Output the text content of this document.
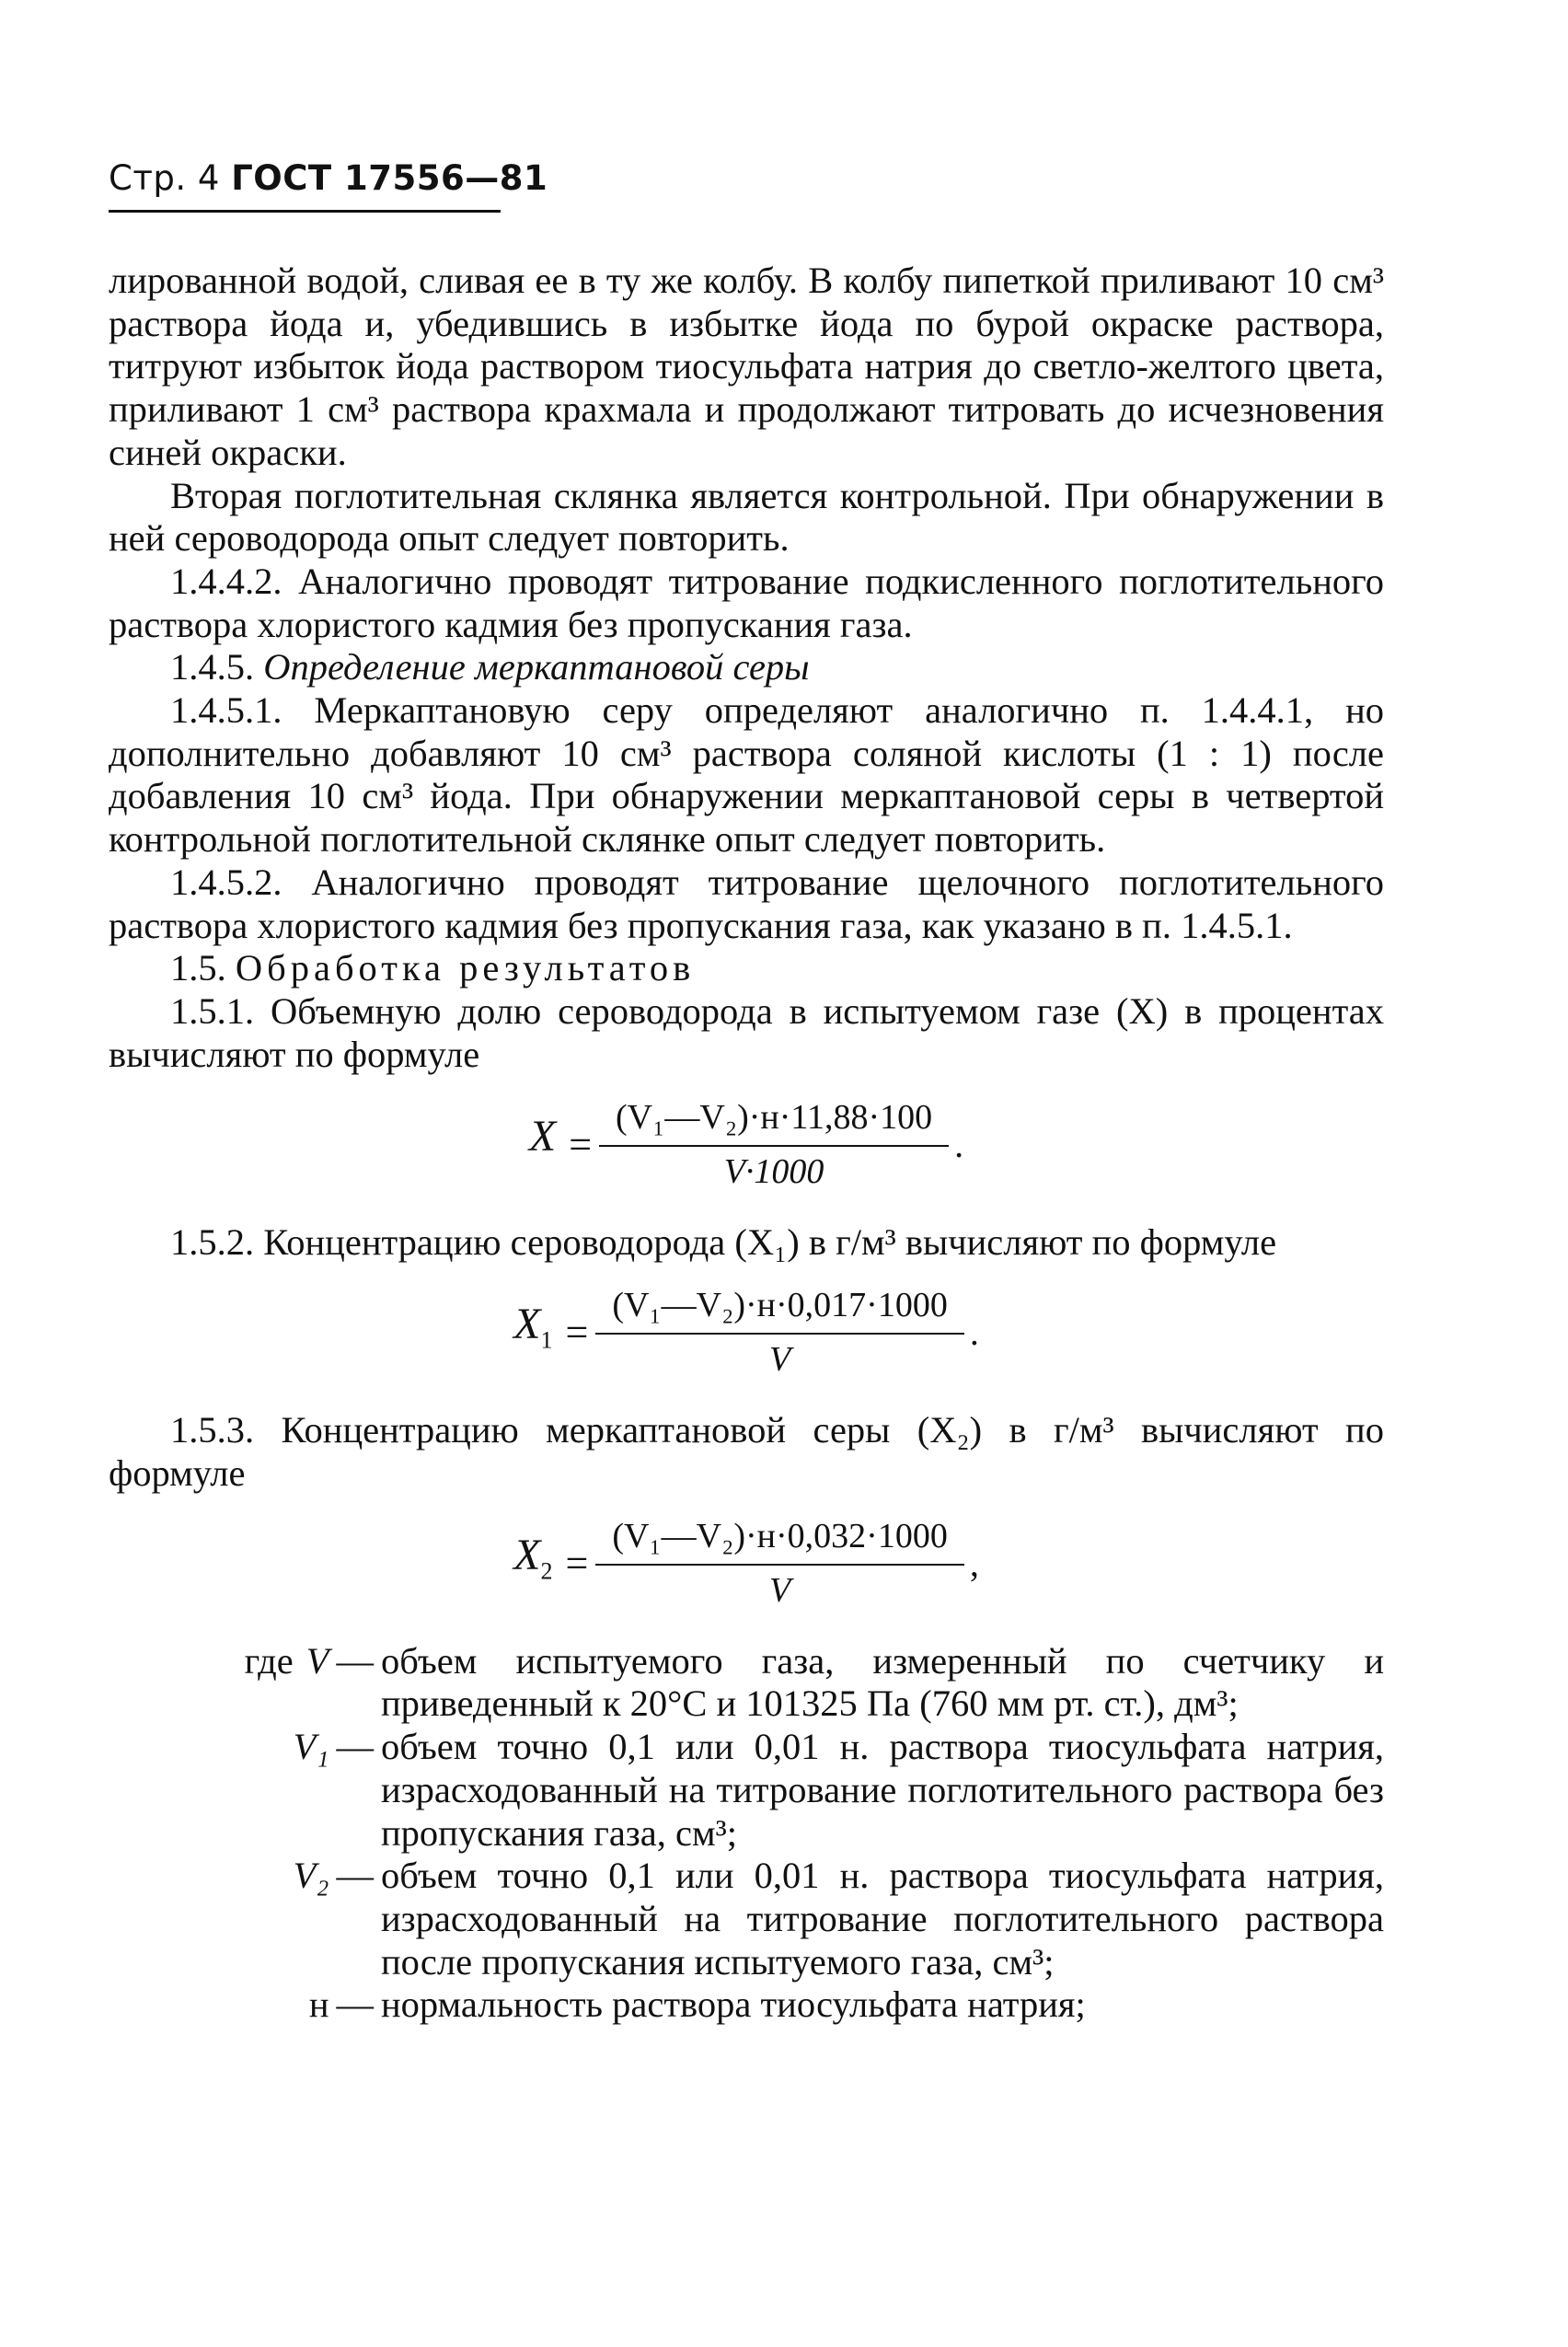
Стр. 4 ГОСТ 17556—81

лированной водой, сливая ее в ту же колбу. В колбу пипеткой приливают 10 см³ раствора йода и, убедившись в избытке йода по бурой окраске раствора, титруют избыток йода раствором тиосульфата натрия до светло-желтого цвета, приливают 1 см³ раствора крахмала и продолжают титровать до исчезновения синей окраски.

Вторая поглотительная склянка является контрольной. При обнаружении в ней сероводорода опыт следует повторить.

1.4.4.2. Аналогично проводят титрование подкисленного поглотительного раствора хлористого кадмия без пропускания газа.

1.4.5. Определение меркаптановой серы

1.4.5.1. Меркаптановую серу определяют аналогично п. 1.4.4.1, но дополнительно добавляют 10 см³ раствора соляной кислоты (1 : 1) после добавления 10 см³ йода. При обнаружении меркаптановой серы в четвертой контрольной поглотительной склянке опыт следует повторить.

1.4.5.2. Аналогично проводят титрование щелочного поглотительного раствора хлористого кадмия без пропускания газа, как указано в п. 1.4.5.1.

1.5. Обработка результатов

1.5.1. Объемную долю сероводорода в испытуемом газе (X) в процентах вычисляют по формуле

$X = \frac{\text{(V₁—V₂)·н·11,88·100}}{V\cdot 1000}$ .

1.5.2. Концентрацию сероводорода (X₁) в г/м³ вычисляют по формуле

$X_1 = \frac{\text{(V₁—V₂)·н·0,017·1000}}{V}$ .

1.5.3. Концентрацию меркаптановой серы (X₂) в г/м³ вычисляют по формуле

$X_2 = \frac{\text{(V₁—V₂)·н·0,032·1000}}{V}$ ,
где V — объем испытуемого газа, измеренный по счетчику и приведенный к 20°С и 101325 Па (760 мм рт. ст.), дм³;
V₁ — объем точно 0,1 или 0,01 н. раствора тиосульфата натрия, израсходованный на титрование поглотительного раствора без пропускания газа, см³;
V₂ — объем точно 0,1 или 0,01 н. раствора тиосульфата натрия, израсходованный на титрование поглотительного раствора после пропускания испытуемого газа, см³;
н — нормальность раствора тиосульфата натрия;
